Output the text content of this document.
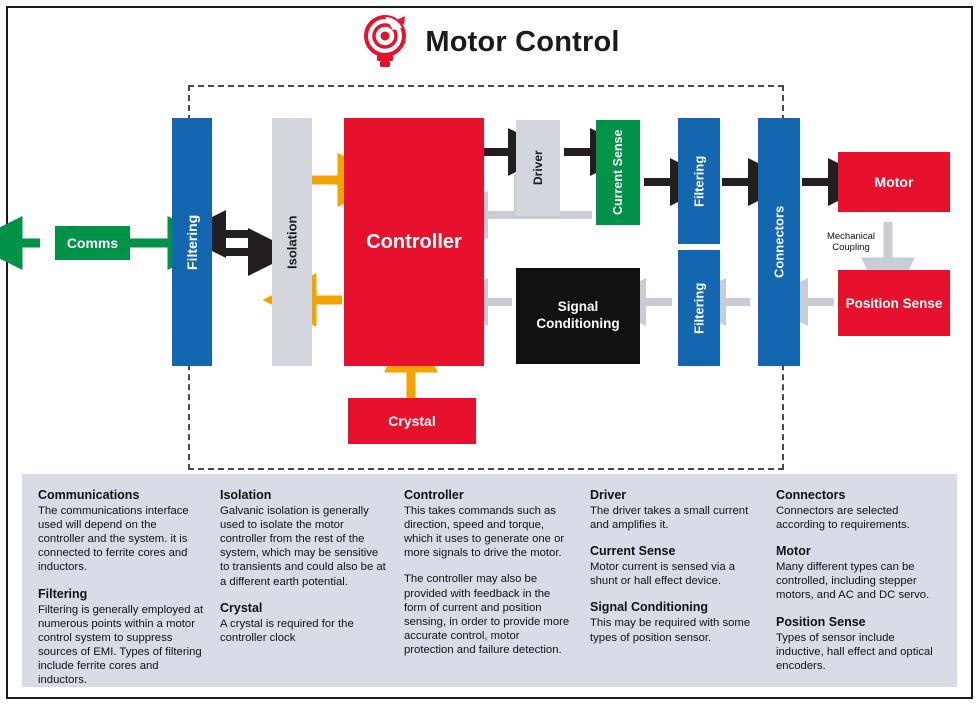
Motor Control
Comms	Filtering	Isolation	Controller
Driver	Current Sense	Filtering
Connectors
Motor
Position Sense
Filtering
Signal Conditioning
Crystal
Mechanical Coupling
Communications

The communications interface used will depend on the controller and the system. it is connected to ferrite cores and inductors.

Filtering

Filtering is generally employed at numerous points within a motor control system to suppress sources of EMI. Types of filtering include ferrite cores and inductors.

Isolation

Galvanic isolation is generally used to isolate the motor controller from the rest of the system, which may be sensitive to transients and could also be at a different earth potential.

Crystal

A crystal is required for the controller clock

Controller

This takes commands such as direction, speed and torque, which it uses to generate one or more signals to drive the motor.

The controller may also be provided with feedback in the form of current and position sensing, in order to provide more accurate control, motor protection and failure detection.

Driver

The driver takes a small current and amplifies it.

Current Sense

Motor current is sensed via a shunt or hall effect device.

Signal Conditioning

This may be required with some types of position sensor.

Connectors

Connectors are selected according to requirements.

Motor

Many different types can be controlled, including stepper motors, and AC and DC servo.

Position Sense

Types of sensor include inductive, hall effect and optical encoders.
